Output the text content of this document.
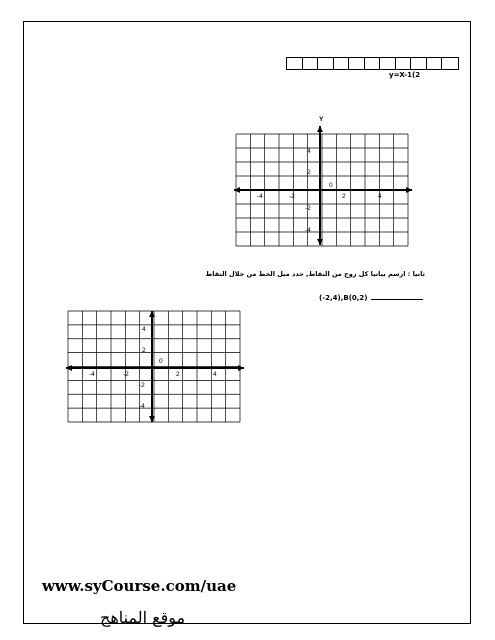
y=X-1(2
Y
0
-4	-2	2	4
4
2
-2
-4
ثانيا : ارسم بيانيا كل زوج من النقاط, حدد ميل الخط من خلال النقاط
(-2,4),B(0,2)
0
-4	-2	2	4
4
2
-2
-4
www.syCourse.com/uae
موقع المناهج
